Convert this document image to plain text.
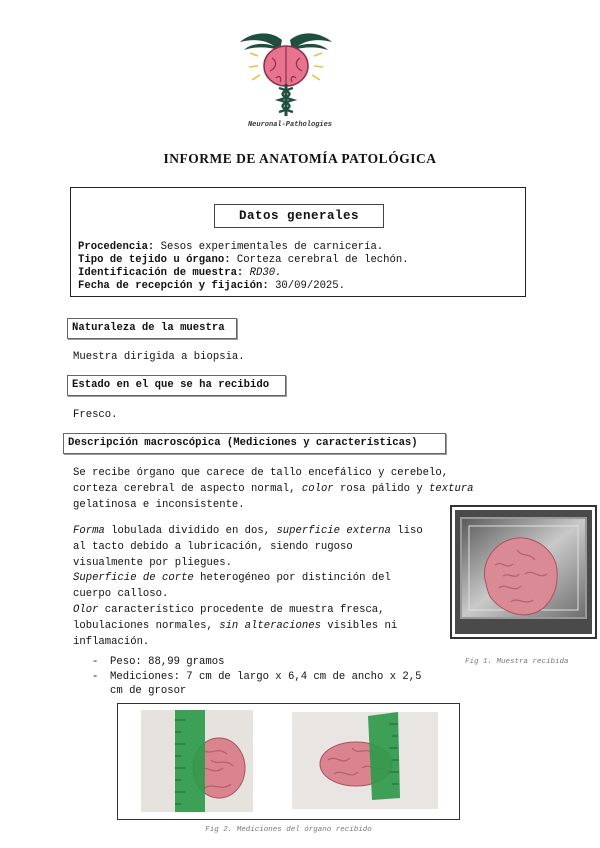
Neuronal-Pathologies
INFORME DE ANATOMÍA PATOLÓGICA
Datos generales
Procedencia: Sesos experimentales de carnicería.
Tipo de tejido u órgano: Corteza cerebral de lechón.
Identificación de muestra: RD30.
Fecha de recepción y fijación: 30/09/2025.
Naturaleza de la muestra
Muestra dirigida a biopsia.
Estado en el que se ha recibido
Fresco.
Descripción macroscópica (Mediciones y características)
Se recibe órgano que carece de tallo encefálico y cerebelo,
corteza cerebral de aspecto normal, color rosa pálido y textura
gelatinosa e inconsistente.
Forma lobulada dividido en dos, superficie externa liso
al tacto debido a lubricación, siendo rugoso
visualmente por pliegues.
Superficie de corte heterogéneo por distinción del
cuerpo calloso.
Olor característico procedente de muestra fresca,
lobulaciones normales, sin alteraciones visibles ni
inflamación.
- Peso: 88,99 gramos
- Mediciones: 7 cm de largo x 6,4 cm de ancho x 2,5
cm de grosor
Fig 1. Muestra recibida
Fig 2. Mediciones del órgano recibido
